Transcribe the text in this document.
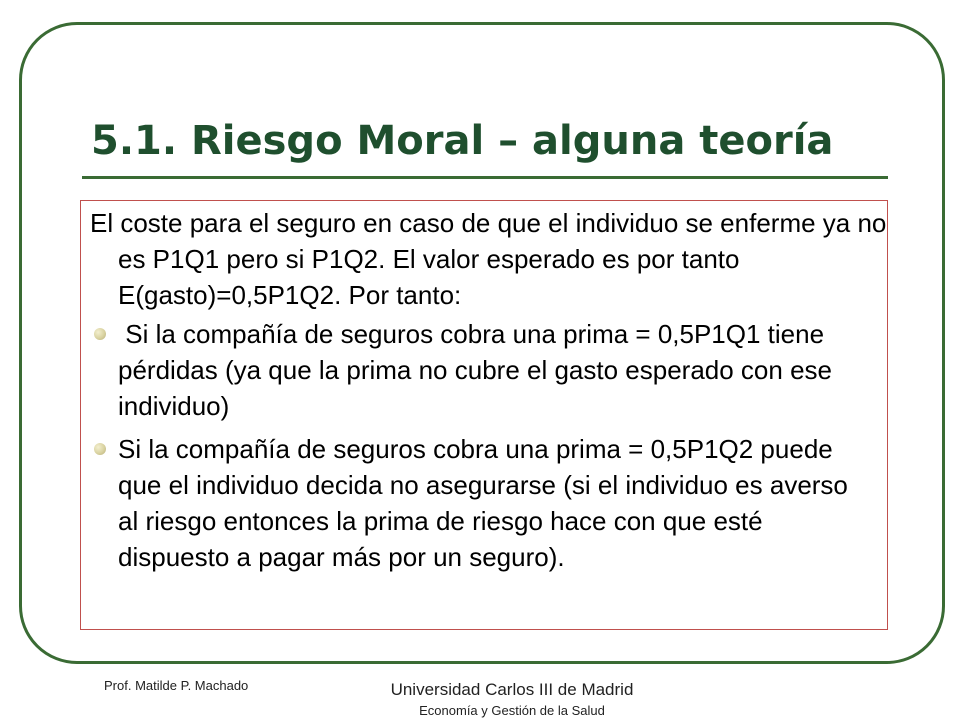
5.1. Riesgo Moral – alguna teoría

El coste para el seguro en caso de que el individuo se enferme ya no es P1Q1 pero si P1Q2. El valor esperado es por tanto E(gasto)=0,5P1Q2. Por tanto:

Si la compañía de seguros cobra una prima = 0,5P1Q1 tiene pérdidas (ya que la prima no cubre el gasto esperado con ese individuo)
Si la compañía de seguros cobra una prima = 0,5P1Q2 puede que el individuo decida no asegurarse (si el individuo es averso al riesgo entonces la prima de riesgo hace con que esté dispuesto a pagar más por un seguro).
Prof. Matilde P. Machado	Universidad Carlos III de Madrid
Economía y Gestión de la Salud
